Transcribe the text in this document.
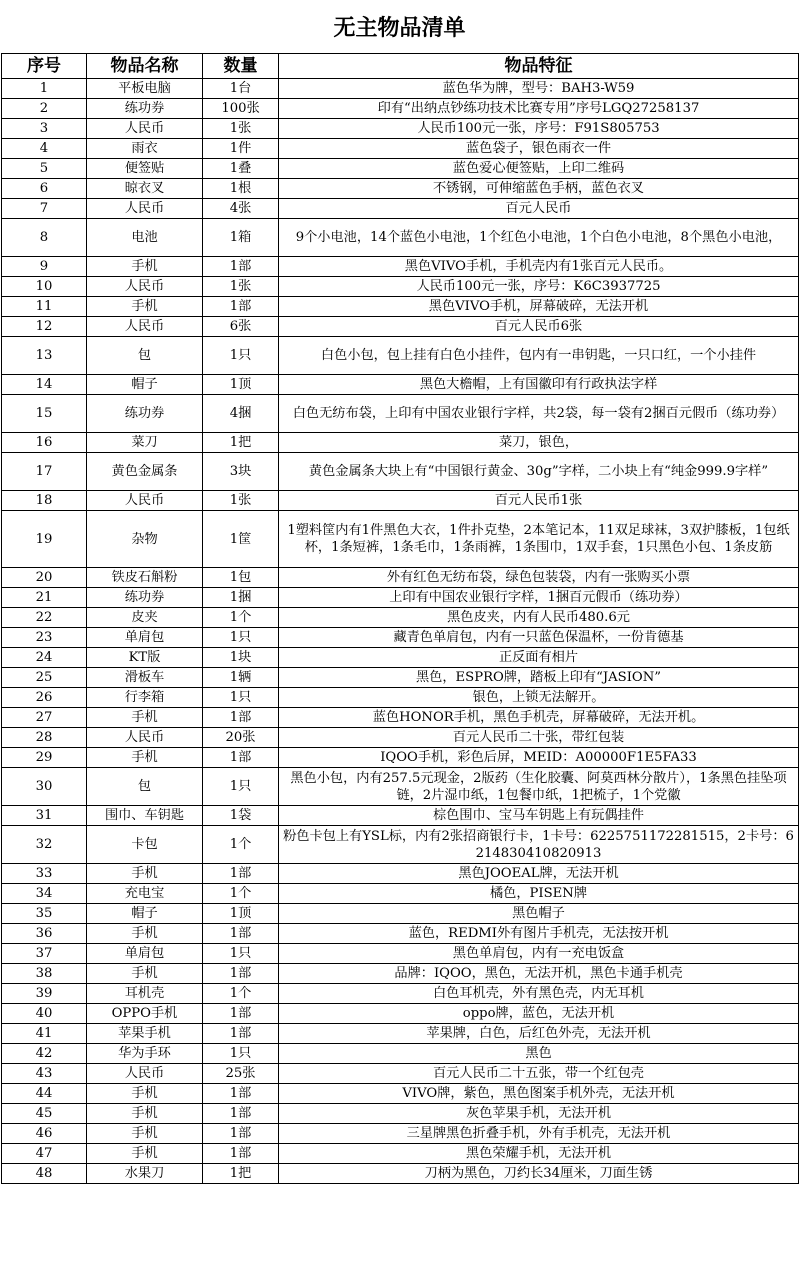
无主物品清单
序号	物品名称	数量	物品特征
1	平板电脑	1台	蓝色华为牌，型号：BAH3-W59
2	练功券	100张	印有“出纳点钞练功技术比赛专用”序号LGQ27258137
3	人民币	1张	人民币100元一张，序号：F91S805753
4	雨衣	1件	蓝色袋子，银色雨衣一件
5	便签贴	1叠	蓝色爱心便签贴，上印二维码
6	晾衣叉	1根	不锈钢，可伸缩蓝色手柄，蓝色衣叉
7	人民币	4张	百元人民币
8	电池	1箱	9个小电池，14个蓝色小电池，1个红色小电池，1个白色小电池，8个黑色小电池，
9	手机	1部	黑色VIVO手机，手机壳内有1张百元人民币。
10	人民币	1张	人民币100元一张，序号：K6C3937725
11	手机	1部	黑色VIVO手机，屏幕破碎，无法开机
12	人民币	6张	百元人民币6张
13	包	1只	白色小包，包上挂有白色小挂件，包内有一串钥匙，一只口红，一个小挂件
14	帽子	1顶	黑色大檐帽，上有国徽印有行政执法字样
15	练功券	4捆	白色无纺布袋，上印有中国农业银行字样，共2袋，每一袋有2捆百元假币（练功券）
16	菜刀	1把	菜刀，银色，
17	黄色金属条	3块	黄色金属条大块上有“中国银行黄金、30g”字样，二小块上有“纯金999.9字样”
18	人民币	1张	百元人民币1张
19	杂物	1筐	1塑料筐内有1件黑色大衣，1件扑克垫，2本笔记本，11双足球袜，3双护膝板，1包纸杯，1条短裤，1条毛巾，1条雨裤，1条围巾，1双手套，1只黑色小包、1条皮筋
20	铁皮石斛粉	1包	外有红色无纺布袋，绿色包装袋，内有一张购买小票
21	练功券	1捆	上印有中国农业银行字样，1捆百元假币（练功券）
22	皮夹	1个	黑色皮夹，内有人民币480.6元
23	单肩包	1只	藏青色单肩包，内有一只蓝色保温杯，一份肯德基
24	KT版	1块	正反面有相片
25	滑板车	1辆	黑色，ESPRO牌，踏板上印有“JASION”
26	行李箱	1只	银色，上锁无法解开。
27	手机	1部	蓝色HONOR手机，黑色手机壳，屏幕破碎，无法开机。
28	人民币	20张	百元人民币二十张，带红包装
29	手机	1部	IQOO手机，彩色后屏，MEID：A00000F1E5FA33
30	包	1只	黑色小包，内有257.5元现金，2版药（生化胶囊、阿莫西林分散片），1条黑色挂坠项链，2片湿巾纸，1包餐巾纸，1把梳子，1个党徽
31	围巾、车钥匙	1袋	棕色围巾、宝马车钥匙上有玩偶挂件
32	卡包	1个	粉色卡包上有YSL标，内有2张招商银行卡，1卡号：6225751172281515，2卡号：6214830410820913
33	手机	1部	黑色JOOEAL牌，无法开机
34	充电宝	1个	橘色，PISEN牌
35	帽子	1顶	黑色帽子
36	手机	1部	蓝色，REDMI外有图片手机壳，无法按开机
37	单肩包	1只	黑色单肩包，内有一充电饭盒
38	手机	1部	品牌：IQOO，黑色，无法开机，黑色卡通手机壳
39	耳机壳	1个	白色耳机壳，外有黑色壳，内无耳机
40	OPPO手机	1部	oppo牌，蓝色，无法开机
41	苹果手机	1部	苹果牌，白色，后红色外壳，无法开机
42	华为手环	1只	黑色
43	人民币	25张	百元人民币二十五张，带一个红包壳
44	手机	1部	VIVO牌，紫色，黑色图案手机外壳，无法开机
45	手机	1部	灰色苹果手机，无法开机
46	手机	1部	三星牌黑色折叠手机，外有手机壳，无法开机
47	手机	1部	黑色荣耀手机，无法开机
48	水果刀	1把	刀柄为黑色，刀约长34厘米，刀面生锈
